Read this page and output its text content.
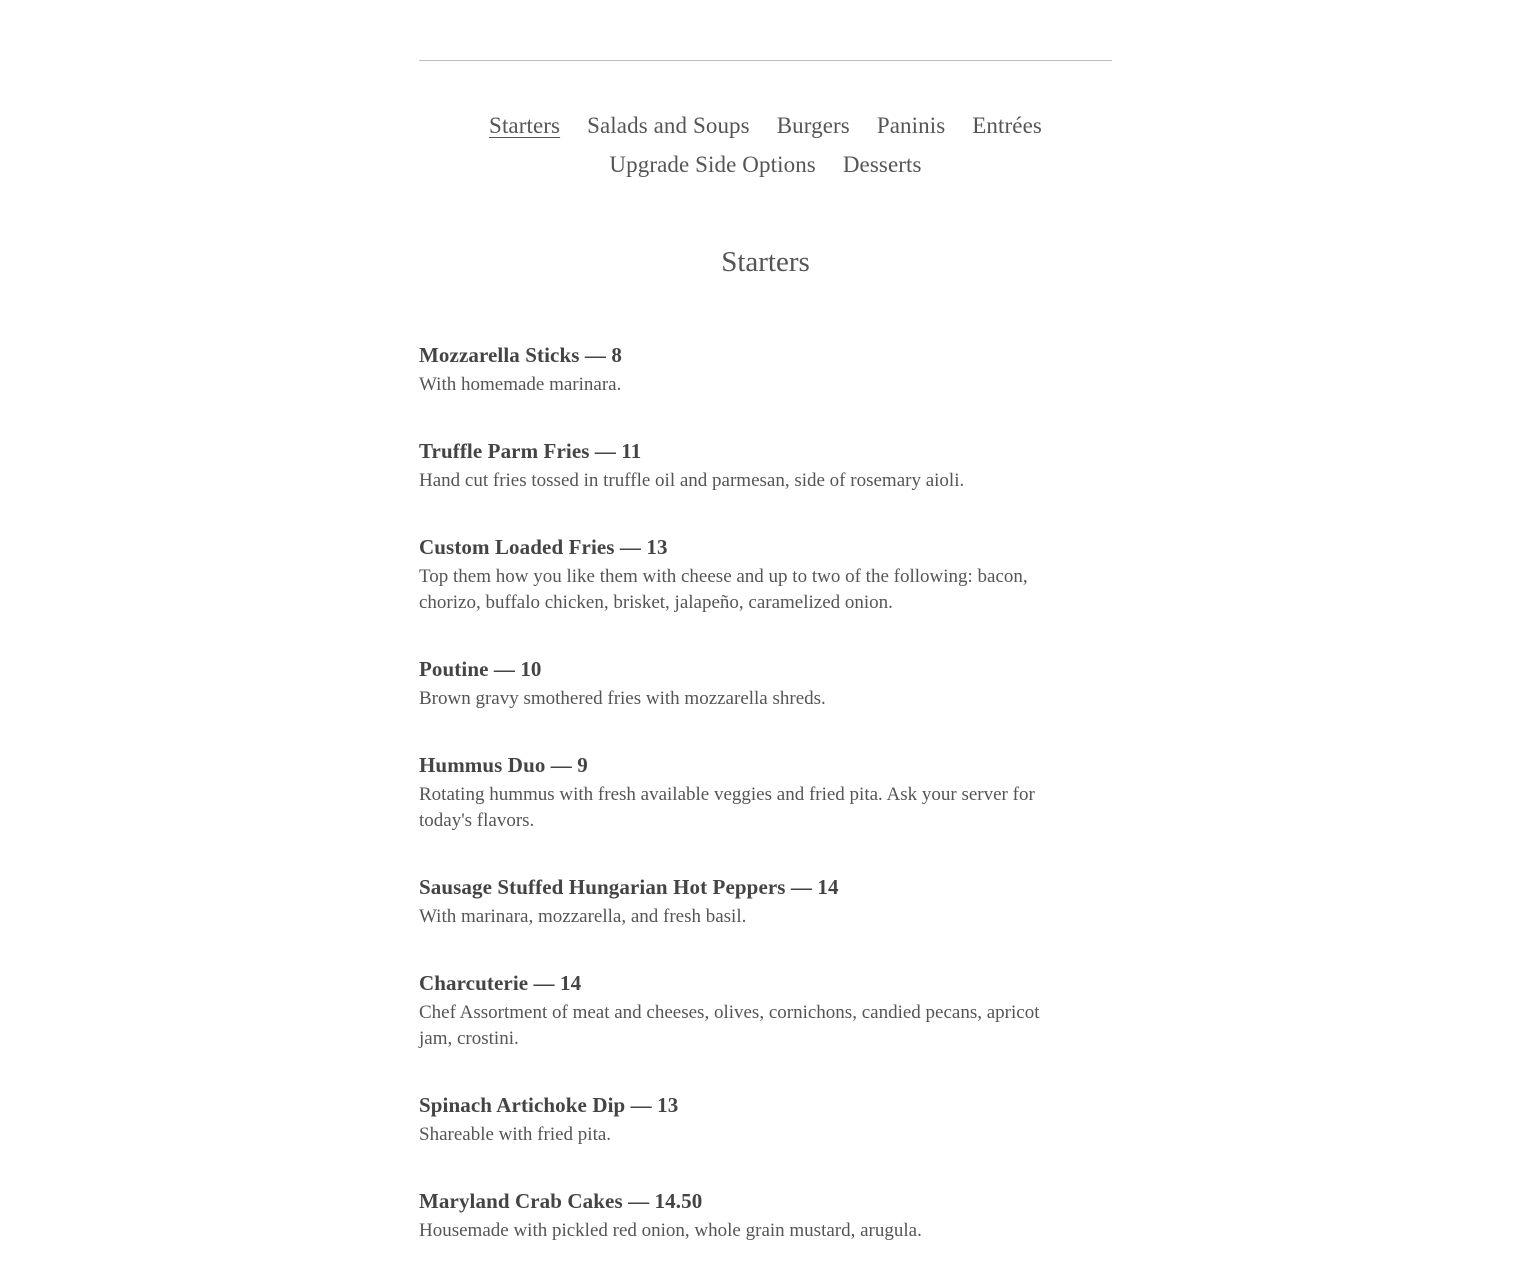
Starters Salads and Soups Burgers Paninis Entrées
Upgrade Side Options Desserts
Starters

Mozzarella Sticks — 8

With homemade marinara.

Truffle Parm Fries — 11

Hand cut fries tossed in truffle oil and parmesan, side of rosemary aioli.

Custom Loaded Fries — 13

Top them how you like them with cheese and up to two of the following: bacon, chorizo, buffalo chicken, brisket, jalapeño, caramelized onion.

Poutine — 10

Brown gravy smothered fries with mozzarella shreds.

Hummus Duo — 9

Rotating hummus with fresh available veggies and fried pita. Ask your server for today's flavors.

Sausage Stuffed Hungarian Hot Peppers — 14

With marinara, mozzarella, and fresh basil.

Charcuterie — 14

Chef Assortment of meat and cheeses, olives, cornichons, candied pecans, apricot jam, crostini.

Spinach Artichoke Dip — 13

Shareable with fried pita.

Maryland Crab Cakes — 14.50

Housemade with pickled red onion, whole grain mustard, arugula.
